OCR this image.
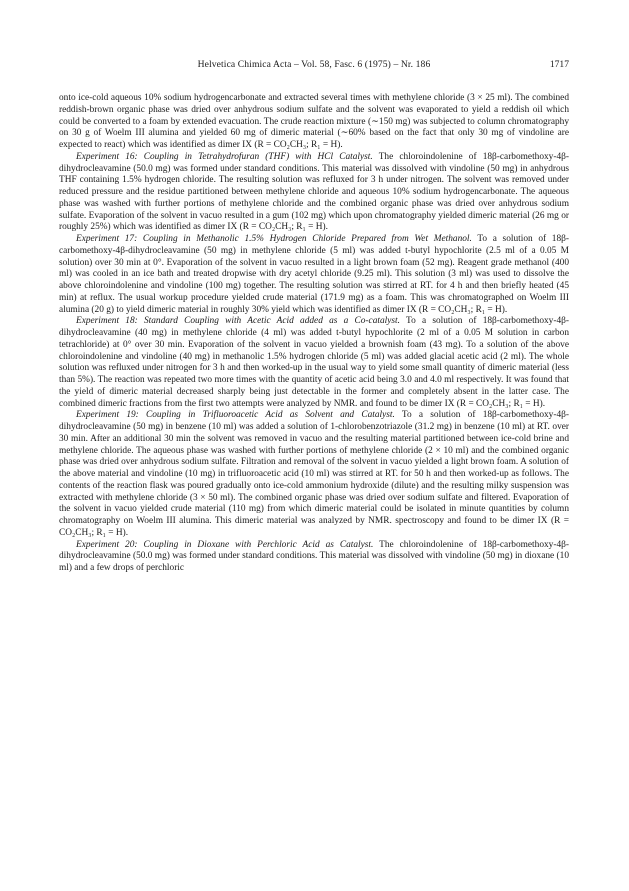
Helvetica Chimica Acta – Vol. 58, Fasc. 6 (1975) – Nr. 186	1717

onto ice-cold aqueous 10% sodium hydrogencarbonate and extracted several times with methylene chloride (3 × 25 ml). The combined reddish-brown organic phase was dried over anhydrous sodium sulfate and the solvent was evaporated to yield a reddish oil which could be converted to a foam by extended evacuation. The crude reaction mixture (∼150 mg) was subjected to column chromatography on 30 g of Woelm III alumina and yielded 60 mg of dimeric material (∼60% based on the fact that only 30 mg of vindoline are expected to react) which was identified as dimer IX (R = CO₂CH₃; R₁ = H).

Experiment 16: Coupling in Tetrahydrofuran (THF) with HCl Catalyst. The chloroindolenine of 18β-carbomethoxy-4β-dihydrocleavamine (50.0 mg) was formed under standard conditions. This material was dissolved with vindoline (50 mg) in anhydrous THF containing 1.5% hydrogen chloride. The resulting solution was refluxed for 3 h under nitrogen. The solvent was removed under reduced pressure and the residue partitioned between methylene chloride and aqueous 10% sodium hydrogencarbonate. The aqueous phase was washed with further portions of methylene chloride and the combined organic phase was dried over anhydrous sodium sulfate. Evaporation of the solvent in vacuo resulted in a gum (102 mg) which upon chromatography yielded dimeric material (26 mg or roughly 25%) which was identified as dimer IX (R = CO₂CH₃; R₁ = H).

Experiment 17: Coupling in Methanolic 1.5% Hydrogen Chloride Prepared from Wet Methanol. To a solution of 18β-carbomethoxy-4β-dihydrocleavamine (50 mg) in methylene chloride (5 ml) was added t-butyl hypochlorite (2.5 ml of a 0.05 M solution) over 30 min at 0°. Evaporation of the solvent in vacuo resulted in a light brown foam (52 mg). Reagent grade methanol (400 ml) was cooled in an ice bath and treated dropwise with dry acetyl chloride (9.25 ml). This solution (3 ml) was used to dissolve the above chloroindolenine and vindoline (100 mg) together. The resulting solution was stirred at RT. for 4 h and then briefly heated (45 min) at reflux. The usual workup procedure yielded crude material (171.9 mg) as a foam. This was chromatographed on Woelm III alumina (20 g) to yield dimeric material in roughly 30% yield which was identified as dimer IX (R = CO₂CH₃; R₁ = H).

Experiment 18: Standard Coupling with Acetic Acid added as a Co-catalyst. To a solution of 18β-carbomethoxy-4β-dihydrocleavamine (40 mg) in methylene chloride (4 ml) was added t-butyl hypochlorite (2 ml of a 0.05 M solution in carbon tetrachloride) at 0° over 30 min. Evaporation of the solvent in vacuo yielded a brownish foam (43 mg). To a solution of the above chloroindolenine and vindoline (40 mg) in methanolic 1.5% hydrogen chloride (5 ml) was added glacial acetic acid (2 ml). The whole solution was refluxed under nitrogen for 3 h and then worked-up in the usual way to yield some small quantity of dimeric material (less than 5%). The reaction was repeated two more times with the quantity of acetic acid being 3.0 and 4.0 ml respectively. It was found that the yield of dimeric material decreased sharply being just detectable in the former and completely absent in the latter case. The combined dimeric fractions from the first two attempts were analyzed by NMR. and found to be dimer IX (R = CO₂CH₃; R₁ = H).

Experiment 19: Coupling in Trifluoroacetic Acid as Solvent and Catalyst. To a solution of 18β-carbomethoxy-4β-dihydrocleavamine (50 mg) in benzene (10 ml) was added a solution of 1-chlorobenzotriazole (31.2 mg) in benzene (10 ml) at RT. over 30 min. After an additional 30 min the solvent was removed in vacuo and the resulting material partitioned between ice-cold brine and methylene chloride. The aqueous phase was washed with further portions of methylene chloride (2 × 10 ml) and the combined organic phase was dried over anhydrous sodium sulfate. Filtration and removal of the solvent in vacuo yielded a light brown foam. A solution of the above material and vindoline (10 mg) in trifluoroacetic acid (10 ml) was stirred at RT. for 50 h and then worked-up as follows. The contents of the reaction flask was poured gradually onto ice-cold ammonium hydroxide (dilute) and the resulting milky suspension was extracted with methylene chloride (3 × 50 ml). The combined organic phase was dried over sodium sulfate and filtered. Evaporation of the solvent in vacuo yielded crude material (110 mg) from which dimeric material could be isolated in minute quantities by column chromatography on Woelm III alumina. This dimeric material was analyzed by NMR. spectroscopy and found to be dimer IX (R = CO₂CH₃; R₁ = H).

Experiment 20: Coupling in Dioxane with Perchloric Acid as Catalyst. The chloroindolenine of 18β-carbomethoxy-4β-dihydrocleavamine (50.0 mg) was formed under standard conditions. This material was dissolved with vindoline (50 mg) in dioxane (10 ml) and a few drops of perchloric
